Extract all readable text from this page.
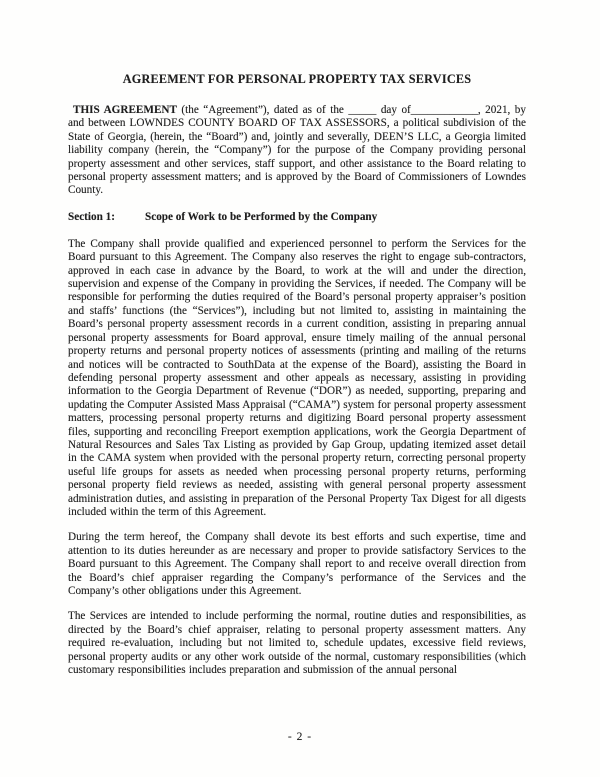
AGREEMENT FOR PERSONAL PROPERTY TAX SERVICES

THIS AGREEMENT (the “Agreement”), dated as of the _____ day of____________, 2021, by and between LOWNDES COUNTY BOARD OF TAX ASSESSORS, a political subdivision of the State of Georgia, (herein, the “Board”) and, jointly and severally, DEEN’S LLC, a Georgia limited liability company (herein, the “Company”) for the purpose of the Company providing personal property assessment and other services, staff support, and other assistance to the Board relating to personal property assessment matters; and is approved by the Board of Commissioners of Lowndes County.

Section 1:	Scope of Work to be Performed by the Company

The Company shall provide qualified and experienced personnel to perform the Services for the Board pursuant to this Agreement. The Company also reserves the right to engage sub-contractors, approved in each case in advance by the Board, to work at the will and under the direction, supervision and expense of the Company in providing the Services, if needed. The Company will be responsible for performing the duties required of the Board’s personal property appraiser’s position and staffs’ functions (the “Services”), including but not limited to, assisting in maintaining the Board’s personal property assessment records in a current condition, assisting in preparing annual personal property assessments for Board approval, ensure timely mailing of the annual personal property returns and personal property notices of assessments (printing and mailing of the returns and notices will be contracted to SouthData at the expense of the Board), assisting the Board in defending personal property assessment and other appeals as necessary, assisting in providing information to the Georgia Department of Revenue (“DOR”) as needed, supporting, preparing and updating the Computer Assisted Mass Appraisal (“CAMA”) system for personal property assessment matters, processing personal property returns and digitizing Board personal property assessment files, supporting and reconciling Freeport exemption applications, work the Georgia Department of Natural Resources and Sales Tax Listing as provided by Gap Group, updating itemized asset detail in the CAMA system when provided with the personal property return, correcting personal property useful life groups for assets as needed when processing personal property returns, performing personal property field reviews as needed, assisting with general personal property assessment administration duties, and assisting in preparation of the Personal Property Tax Digest for all digests included within the term of this Agreement.

During the term hereof, the Company shall devote its best efforts and such expertise, time and attention to its duties hereunder as are necessary and proper to provide satisfactory Services to the Board pursuant to this Agreement. The Company shall report to and receive overall direction from the Board’s chief appraiser regarding the Company’s performance of the Services and the Company’s other obligations under this Agreement.

The Services are intended to include performing the normal, routine duties and responsibilities, as directed by the Board’s chief appraiser, relating to personal property assessment matters. Any required re-evaluation, including but not limited to, schedule updates, excessive field reviews, personal property audits or any other work outside of the normal, customary responsibilities (which customary responsibilities includes preparation and submission of the annual personal

- 2 -
